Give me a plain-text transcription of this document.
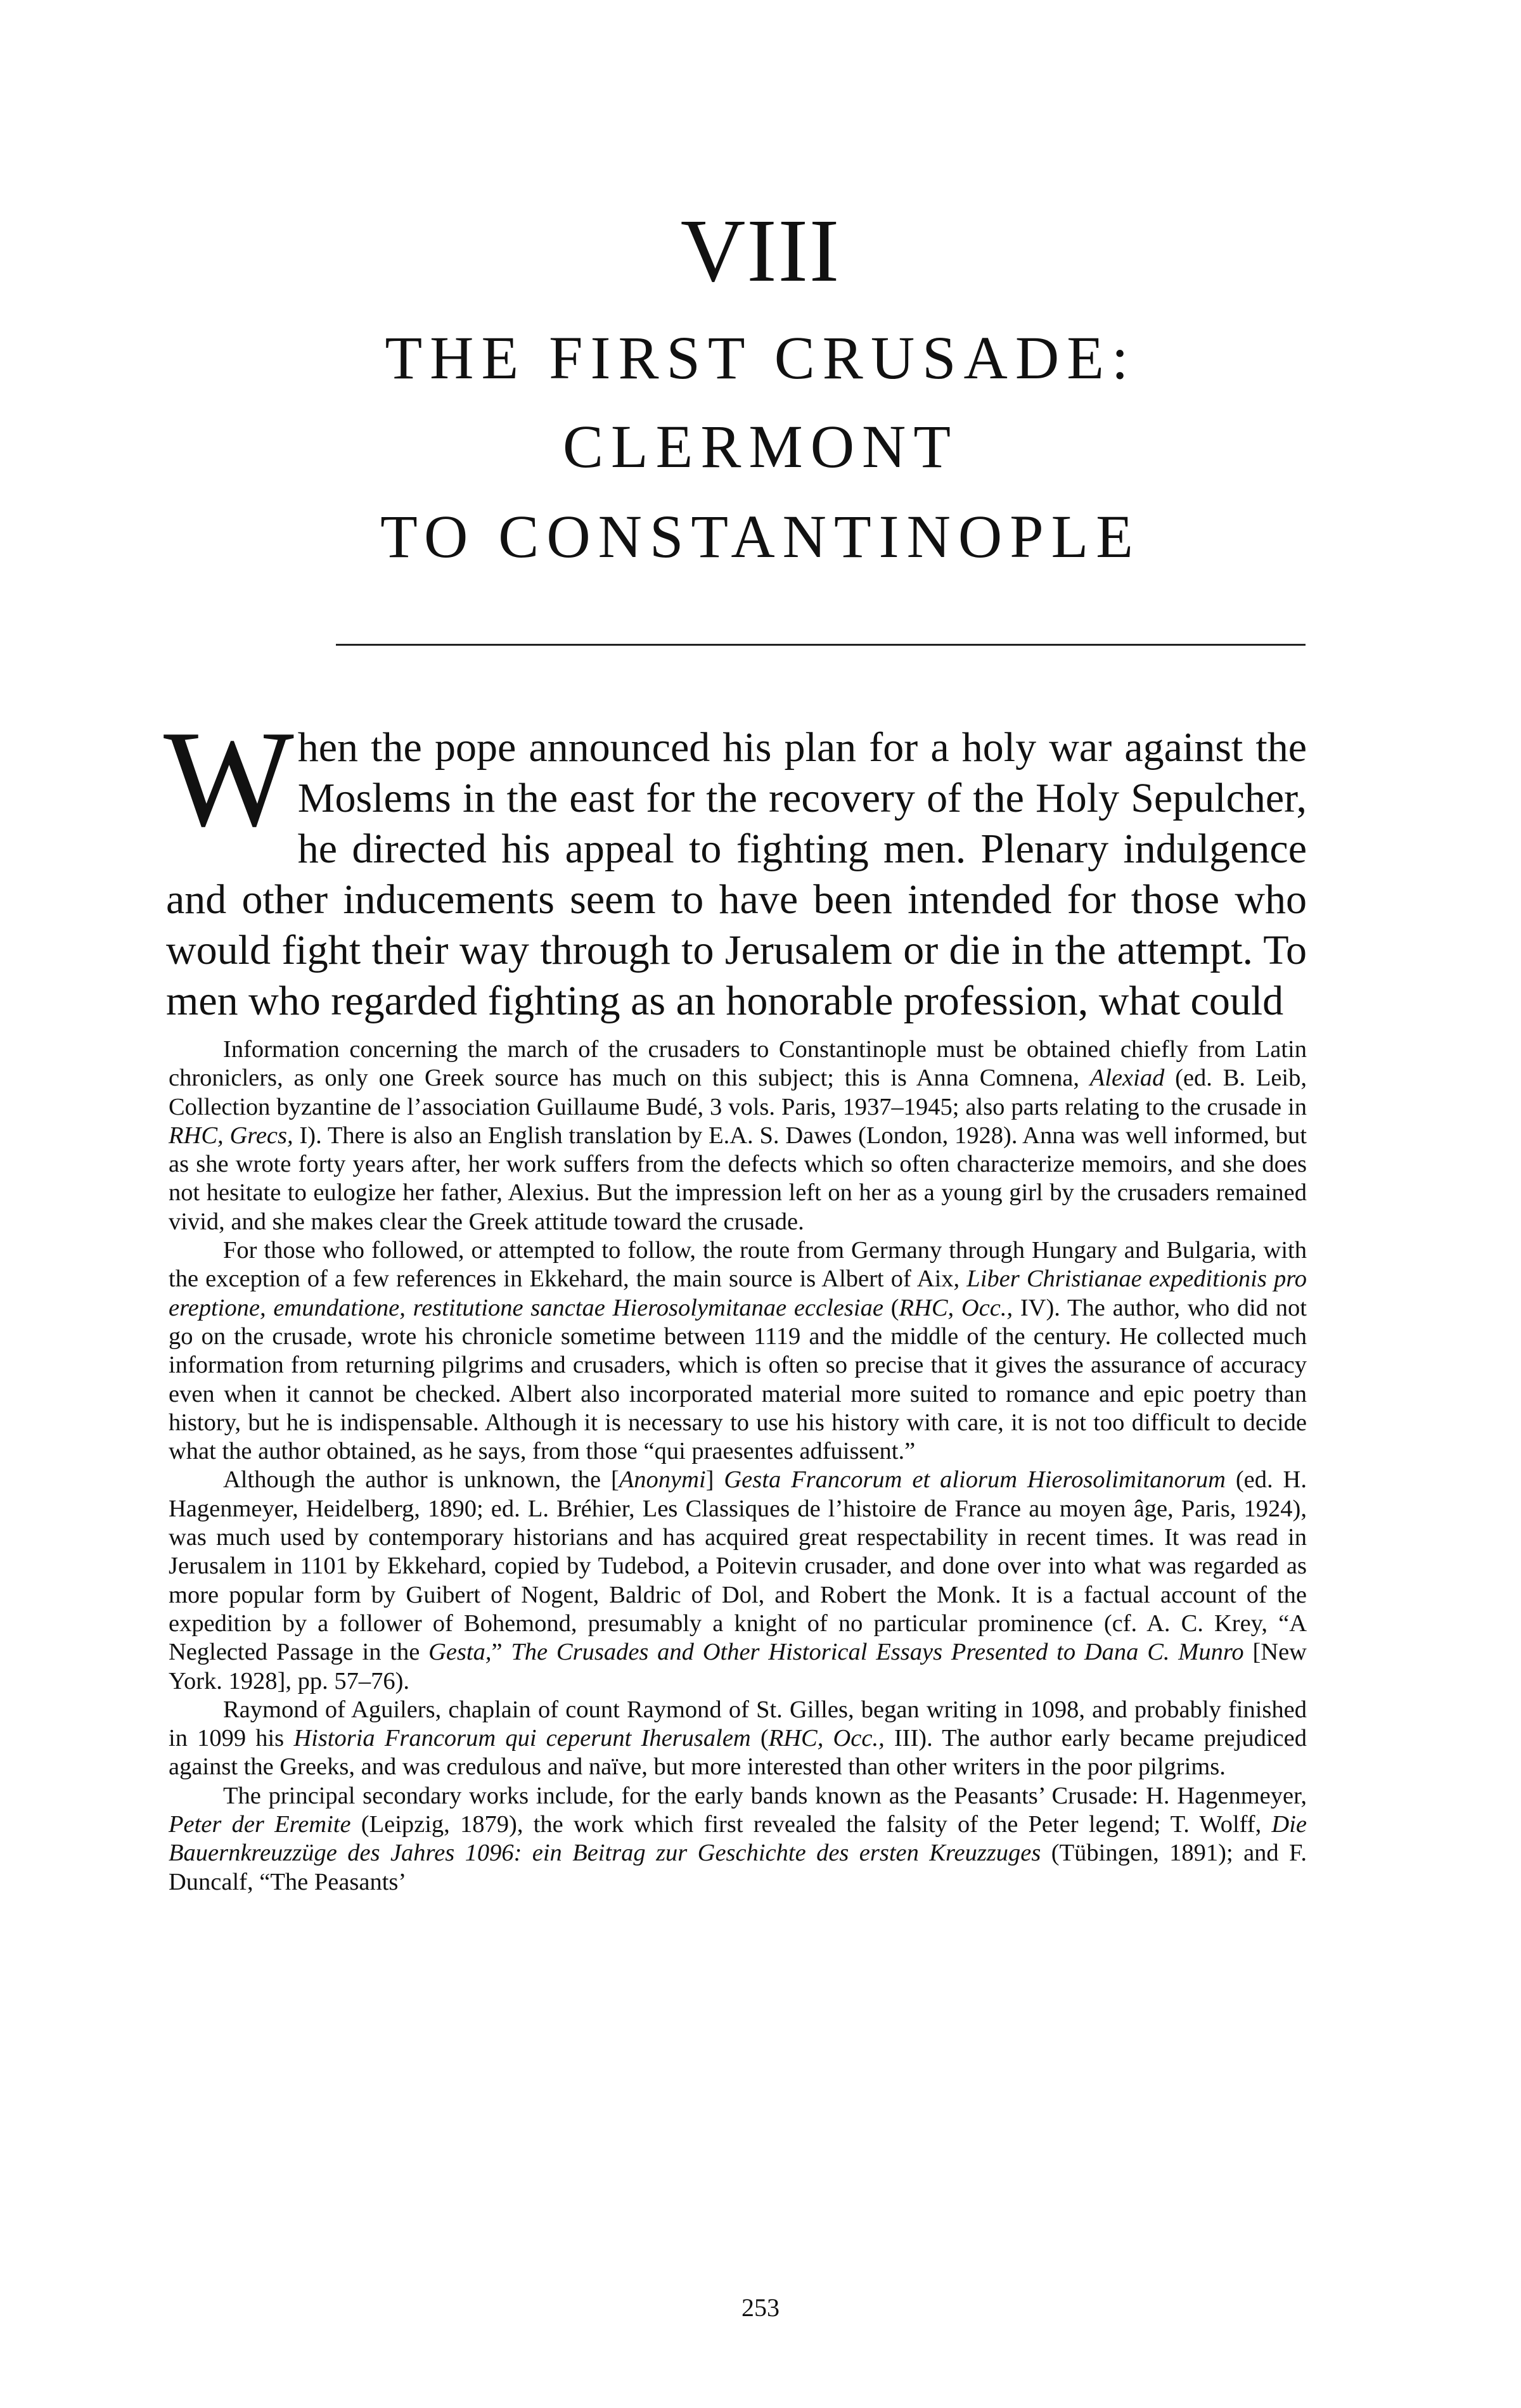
VIII
THE FIRST CRUSADE:
CLERMONT
TO CONSTANTINOPLE

When the pope announced his plan for a holy war against the Moslems in the east for the recovery of the Holy Sepulcher, he directed his appeal to fighting men. Plenary indulgence and other inducements seem to have been intended for those who would fight their way through to Jerusalem or die in the attempt. To men who regarded fighting as an honorable profession, what could

Information concerning the march of the crusaders to Constantinople must be obtained chiefly from Latin chroniclers, as only one Greek source has much on this subject; this is Anna Comnena, Alexiad (ed. B. Leib, Collection byzantine de l’association Guillaume Budé, 3 vols. Paris, 1937–1945; also parts relating to the crusade in RHC, Grecs, I). There is also an English translation by E.A. S. Dawes (London, 1928). Anna was well informed, but as she wrote forty years after, her work suffers from the defects which so often characterize memoirs, and she does not hesitate to eulogize her father, Alexius. But the impression left on her as a young girl by the crusaders remained vivid, and she makes clear the Greek attitude toward the crusade.

For those who followed, or attempted to follow, the route from Germany through Hungary and Bulgaria, with the exception of a few references in Ekkehard, the main source is Albert of Aix, Liber Christianae expeditionis pro ereptione, emundatione, restitutione sanctae Hierosolymitanae ecclesiae (RHC, Occ., IV). The author, who did not go on the crusade, wrote his chronicle sometime between 1119 and the middle of the century. He collected much information from returning pilgrims and crusaders, which is often so precise that it gives the assurance of accuracy even when it cannot be checked. Albert also incorporated material more suited to romance and epic poetry than history, but he is indispensable. Although it is necessary to use his history with care, it is not too difficult to decide what the author obtained, as he says, from those “qui praesentes adfuissent.”

Although the author is unknown, the [Anonymi] Gesta Francorum et aliorum Hierosolimitanorum (ed. H. Hagenmeyer, Heidelberg, 1890; ed. L. Bréhier, Les Classiques de l’histoire de France au moyen âge, Paris, 1924), was much used by contemporary historians and has acquired great respectability in recent times. It was read in Jerusalem in 1101 by Ekkehard, copied by Tudebod, a Poitevin crusader, and done over into what was regarded as more popular form by Guibert of Nogent, Baldric of Dol, and Robert the Monk. It is a factual account of the expedition by a follower of Bohemond, presumably a knight of no particular prominence (cf. A. C. Krey, “A Neglected Passage in the Gesta,” The Crusades and Other Historical Essays Presented to Dana C. Munro [New York. 1928], pp. 57–76).

Raymond of Aguilers, chaplain of count Raymond of St. Gilles, began writing in 1098, and probably finished in 1099 his Historia Francorum qui ceperunt Iherusalem (RHC, Occ., III). The author early became prejudiced against the Greeks, and was credulous and naïve, but more interested than other writers in the poor pilgrims.

The principal secondary works include, for the early bands known as the Peasants’ Crusade: H. Hagenmeyer, Peter der Eremite (Leipzig, 1879), the work which first revealed the falsity of the Peter legend; T. Wolff, Die Bauernkreuzzüge des Jahres 1096: ein Beitrag zur Geschichte des ersten Kreuzzuges (Tübingen, 1891); and F. Duncalf, “The Peasants’

253
